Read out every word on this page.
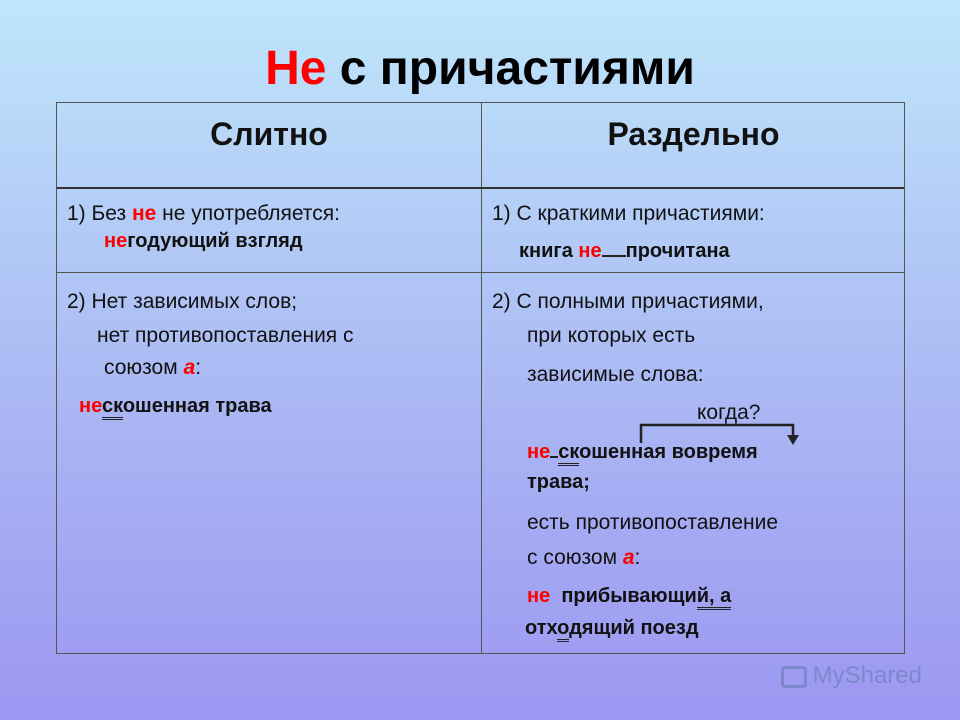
Не с причастиями
Слитно	Раздельно
1) Без не не употребляется:
негодующий взгляд
1) С краткими причастиями:
книга не прочитана
2) Нет зависимых слов;
нет противопоставления с
союзом а:
нескошенная трава
2) С полными причастиями,
при которых есть
зависимые слова:
когда?
не скошенная вовремя
трава;
есть противопоставление
с союзом а:
не прибывающий, а
отходящий поезд
MyShared
